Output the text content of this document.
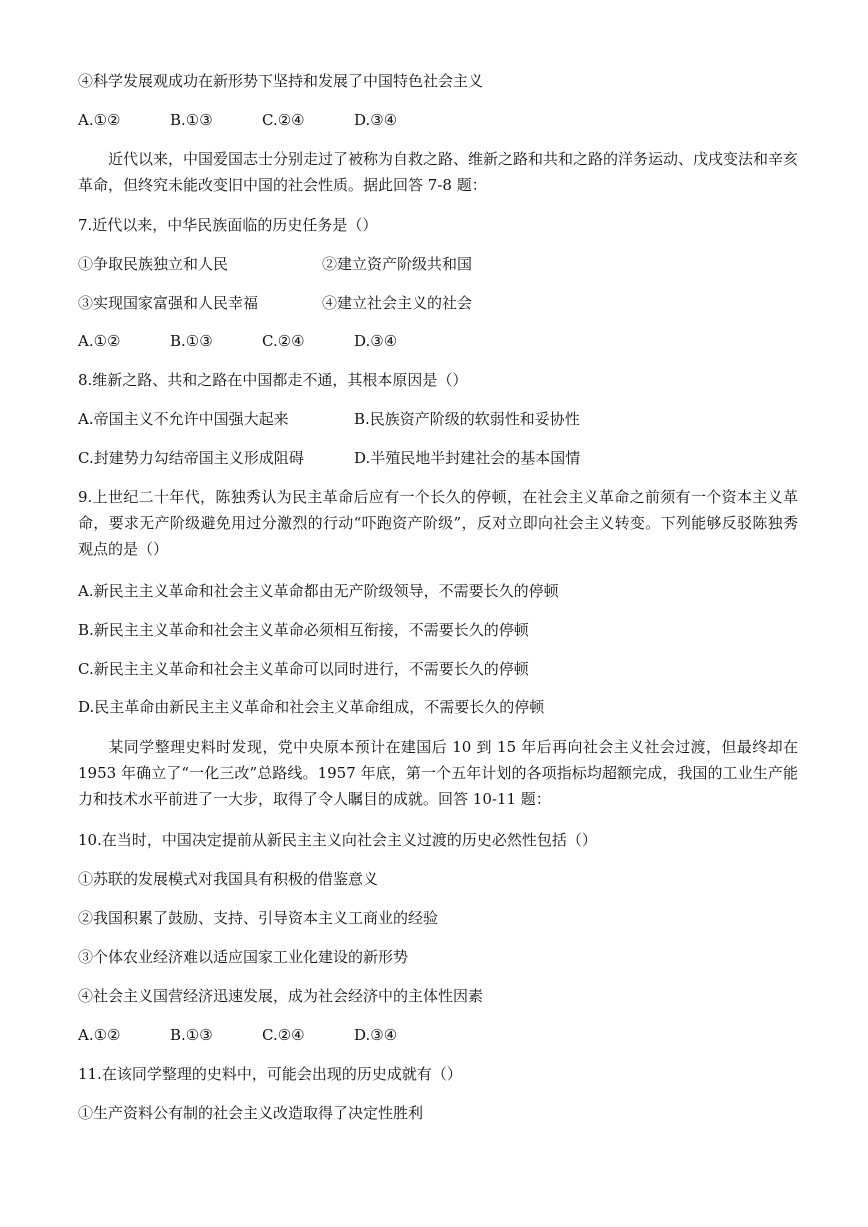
④科学发展观成功在新形势下坚持和发展了中国特色社会主义
A.①②	B.①③	C.②④	D.③④
近代以来，中国爱国志士分别走过了被称为自救之路、维新之路和共和之路的洋务运动、戊戌变法和辛亥革命，但终究未能改变旧中国的社会性质。据此回答 7-8 题：
7.近代以来，中华民族面临的历史任务是（）
①争取民族独立和人民	②建立资产阶级共和国
③实现国家富强和人民幸福	④建立社会主义的社会
A.①②	B.①③	C.②④	D.③④
8.维新之路、共和之路在中国都走不通，其根本原因是（）
A.帝国主义不允许中国强大起来	B.民族资产阶级的软弱性和妥协性
C.封建势力勾结帝国主义形成阻碍	D.半殖民地半封建社会的基本国情
9.上世纪二十年代，陈独秀认为民主革命后应有一个长久的停顿，在社会主义革命之前须有一个资本主义革命，要求无产阶级避免用过分激烈的行动“吓跑资产阶级”，反对立即向社会主义转变。下列能够反驳陈独秀观点的是（）
A.新民主主义革命和社会主义革命都由无产阶级领导，不需要长久的停顿
B.新民主主义革命和社会主义革命必须相互衔接，不需要长久的停顿
C.新民主主义革命和社会主义革命可以同时进行，不需要长久的停顿
D.民主革命由新民主主义革命和社会主义革命组成，不需要长久的停顿
某同学整理史料时发现，党中央原本预计在建国后 10 到 15 年后再向社会主义社会过渡，但最终却在 1953 年确立了“一化三改”总路线。1957 年底，第一个五年计划的各项指标均超额完成，我国的工业生产能力和技术水平前进了一大步，取得了令人瞩目的成就。回答 10-11 题：
10.在当时，中国决定提前从新民主主义向社会主义过渡的历史必然性包括（）
①苏联的发展模式对我国具有积极的借鉴意义
②我国积累了鼓励、支持、引导资本主义工商业的经验
③个体农业经济难以适应国家工业化建设的新形势
④社会主义国营经济迅速发展，成为社会经济中的主体性因素
A.①②	B.①③	C.②④	D.③④
11.在该同学整理的史料中，可能会出现的历史成就有（）
①生产资料公有制的社会主义改造取得了决定性胜利
